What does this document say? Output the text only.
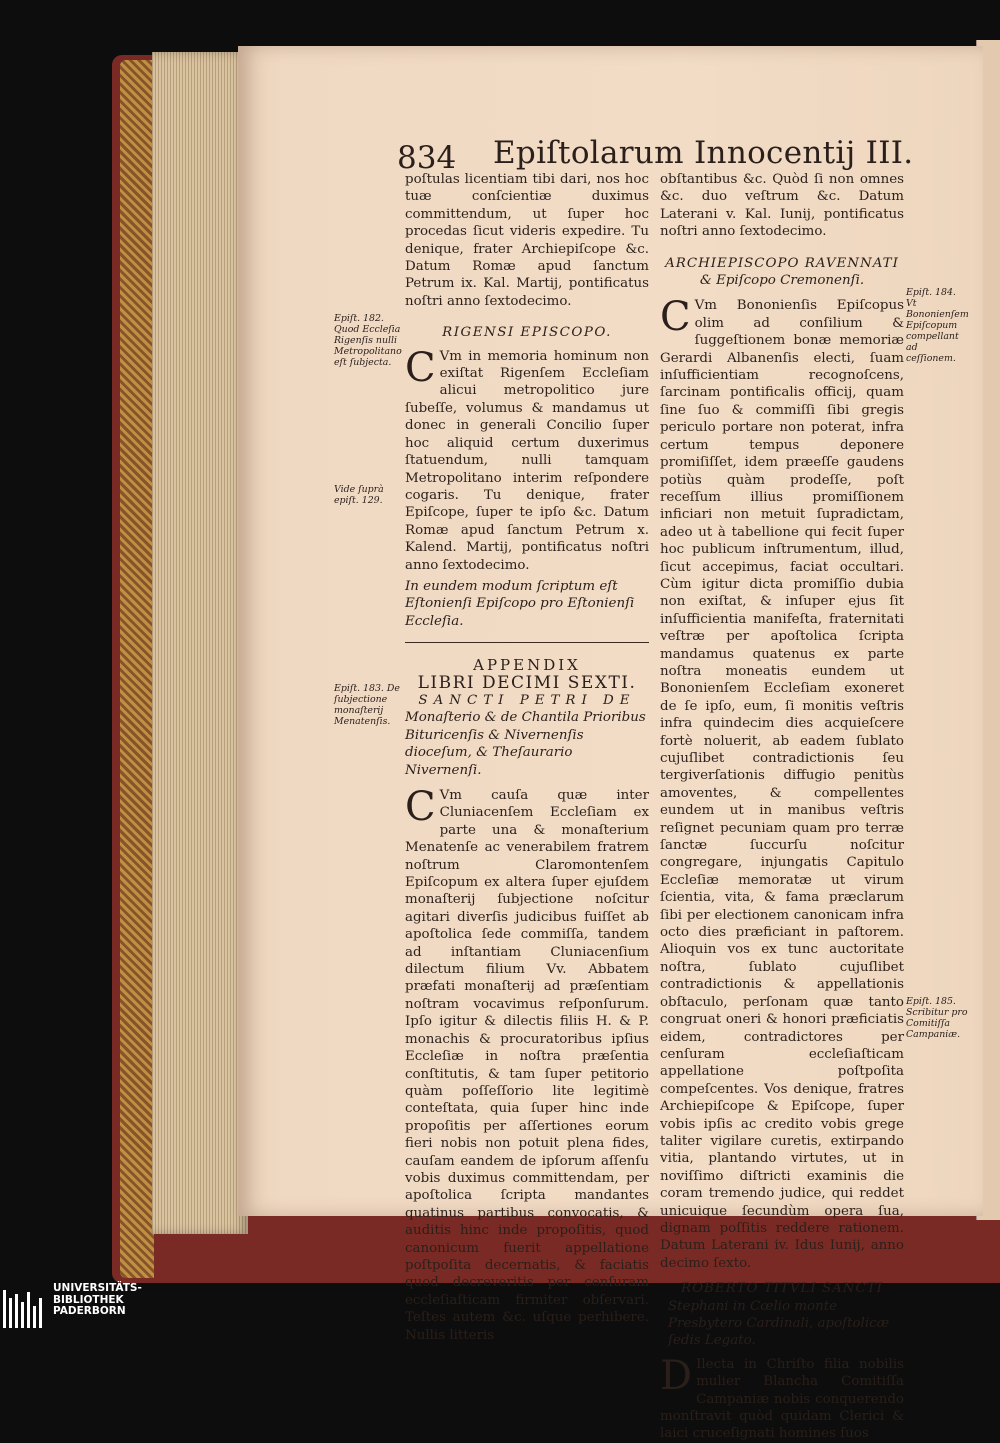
834 Epiſtolarum Innocentij III.

poſtulas licentiam tibi dari, nos hoc tuæ conſcientiæ duximus committendum, ut ſuper hoc procedas ſicut videris expedire. Tu denique, frater Archiepiſcope &c. Datum Romæ apud ſanctum Petrum ix. Kal. Martij, pontificatus noſtri anno ſextodecimo.

RIGENSI EPISCOPO.

C Vm in memoria hominum non exiſtat Rigenſem Eccleſiam alicui metropolitico jure ſubeſſe, volumus & mandamus ut donec in generali Concilio ſuper hoc aliquid certum duxerimus ſtatuendum, nulli tamquam Metropolitano interim reſpondere cogaris. Tu denique, frater Epiſcope, ſuper te ipſo &c. Datum Romæ apud ſanctum Petrum x. Kalend. Martij, pontificatus noſtri anno ſextodecimo.

In eundem modum ſcriptum eſt Eſtonienſi Epiſcopo pro Eſtonienſi Eccleſia.

APPENDIX

LIBRI DECIMI SEXTI.

SANCTI PETRI DE

Monaſterio & de Chantila Prioribus Bituricenſis & Nivernenſis dioceſum, & Theſaurario Nivernenſi.

C Vm cauſa quæ inter Cluniacenſem Eccleſiam ex parte una & monaſterium Menatenſe ac venerabilem fratrem noſtrum Claromontenſem Epiſcopum ex altera ſuper ejuſdem monaſterij ſubjectione noſcitur agitari diverſis judicibus fuiſſet ab apoſtolica ſede commiſſa, tandem ad inſtantiam Cluniacenſium dilectum filium Vv. Abbatem præfati monaſterij ad præſentiam noſtram vocavimus reſponſurum. Ipſo igitur & dilectis filiis H. & P. monachis & procuratoribus ipſius Eccleſiæ in noſtra præſentia conſtitutis, & tam ſuper petitorio quàm poſſeſſorio lite legitimè conteſtata, quia ſuper hinc inde propoſitis per aſſertiones eorum fieri nobis non potuit plena fides, cauſam eandem de ipſorum aſſenſu vobis duximus committendam, per apoſtolica ſcripta mandantes quatinus partibus convocatis, & auditis hinc inde propoſitis, quod canonicum fuerit appellatione poſtpoſita decernatis, & faciatis quod decreveritis per cenſuram eccleſiaſticam firmiter obſervari. Teſtes autem &c. uſque perhibere. Nullis litteris

obſtantibus &c. Quòd ſi non omnes &c. duo veſtrum &c. Datum Laterani v. Kal. Iunij, pontificatus noſtri anno ſextodecimo.

ARCHIEPISCOPO RAVENNATI

& Epiſcopo Cremonenſi.

C Vm Bononienſis Epiſcopus olim ad conſilium & ſuggeſtionem bonæ memoriæ Gerardi Albanenſis electi, ſuam inſufficientiam recognoſcens, ſarcinam pontificalis officij, quam ſine ſuo & commiſſi ſibi gregis periculo portare non poterat, infra certum tempus deponere promiſiſſet, idem præeſſe gaudens potiùs quàm prodeſſe, poſt receſſum illius promiſſionem inficiari non metuit ſupradictam, adeo ut à tabellione qui fecit ſuper hoc publicum inſtrumentum, illud, ſicut accepimus, faciat occultari. Cùm igitur dicta promiſſio dubia non exiſtat, & inſuper ejus ſit inſufficientia manifeſta, fraternitati veſtræ per apoſtolica ſcripta mandamus quatenus ex parte noſtra moneatis eundem ut Bononienſem Eccleſiam exoneret de ſe ipſo, eum, ſi monitis veſtris infra quindecim dies acquieſcere fortè noluerit, ab eadem ſublato cujuſlibet contradictionis ſeu tergiverſationis diffugio penitùs amoventes, & compellentes eundem ut in manibus veſtris reſignet pecuniam quam pro terræ ſanctæ ſuccurſu noſcitur congregare, injungatis Capitulo Eccleſiæ memoratæ ut virum ſcientia, vita, & fama præclarum ſibi per electionem canonicam infra octo dies præficiant in paſtorem. Alioquin vos ex tunc auctoritate noſtra, ſublato cujuſlibet contradictionis & appellationis obſtaculo, perſonam quæ tanto congruat oneri & honori præficiatis eidem, contradictores per cenſuram eccleſiaſticam appellatione poſtpoſita compeſcentes. Vos denique, fratres Archiepiſcope & Epiſcope, ſuper vobis ipſis ac credito vobis grege taliter vigilare curetis, extirpando vitia, plantando virtutes, ut in noviſſimo diſtricti examinis die coram tremendo judice, qui reddet unicuique ſecundùm opera ſua, dignam poſſitis reddere rationem. Datum Laterani iv. Idus Iunij, anno decimo ſexto.

ROBERTO TITVLI SANCTI

Stephani in Cœlio monte Presbytero Cardinali, apoſtolicæ ſedis Legato.

D Ilecta in Chriſto filia nobilis mulier Blancha Comitiſſa Campaniæ nobis conquerendo monſtravit quòd quidam Clerici & laici cruceſignati homines ſuos

Epiſt. 182. Quod Eccleſia Rigenſis nulli Metropolitano eſt ſubjecta.
Vide ſuprà epiſt. 129.
Epiſt. 183. De ſubjectione monaſterij Menatenſis.
Epiſt. 184. Vt Bononienſem Epiſcopum compellant ad ceſſionem.
Epiſt. 185. Scribitur pro Comitiſſa Campaniæ.
UNIVERSITÄTS-
BIBLIOTHEK
PADERBORN
